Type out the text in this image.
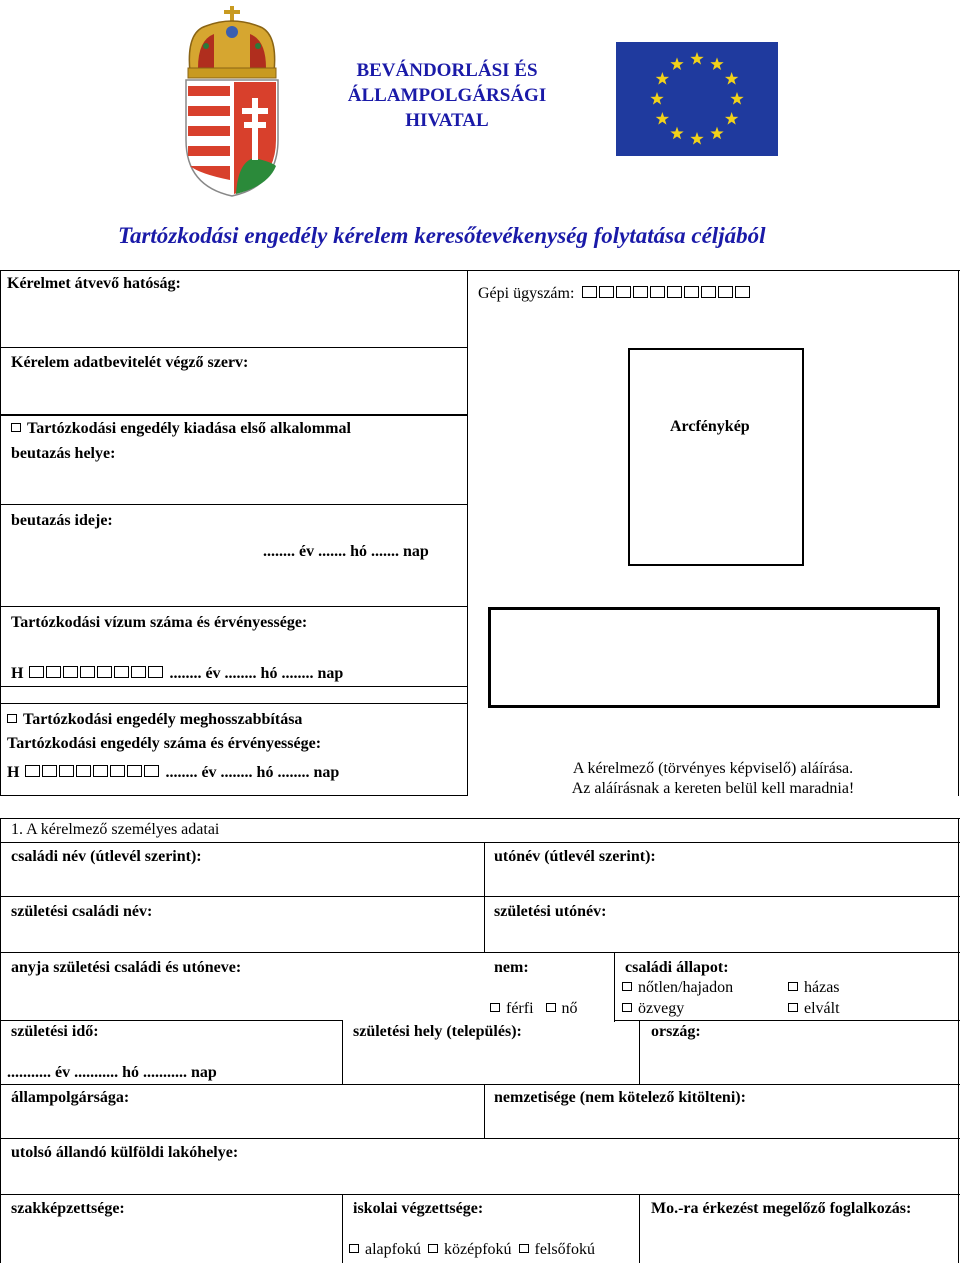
BEVÁNDORLÁSI ÉS
ÁLLAMPOLGÁRSÁGI
HIVATAL
Tartózkodási engedély kérelem keresőtevékenység folytatása céljából
Kérelmet átvevő hatóság:
Gépi ügyszám:
Kérelem adatbevitelét végző szerv:
Tartózkodási engedély kiadása első alkalommal
beutazás helye:
Arcfénykép
beutazás ideje:
........ év ....... hó ....... nap
Tartózkodási vízum száma és érvényessége:
H	........ év ........ hó ........ nap
Tartózkodási engedély meghosszabbítása
Tartózkodási engedély száma és érvényessége:
H	........ év ........ hó ........ nap	A kérelmező (törvényes képviselő) aláírása.
Az aláírásnak a kereten belül kell maradnia!
1. A kérelmező személyes adatai
családi név (útlevél szerint):	utónév (útlevél szerint):
születési családi név:	születési utónév:
anyja születési családi és utóneve:	nem:
férfi nő
családi állapot:
nőtlen/hajadon	házas
özvegy	elvált
születési idő:	születési hely (település):	ország:
........... év ........... hó ........... nap
állampolgársága:	nemzetisége (nem kötelező kitölteni):
utolsó állandó külföldi lakóhelye:
szakképzettsége:	iskolai végzettsége:	Mo.-ra érkezést megelőző foglalkozás:
alapfokú középfokú felsőfokú
